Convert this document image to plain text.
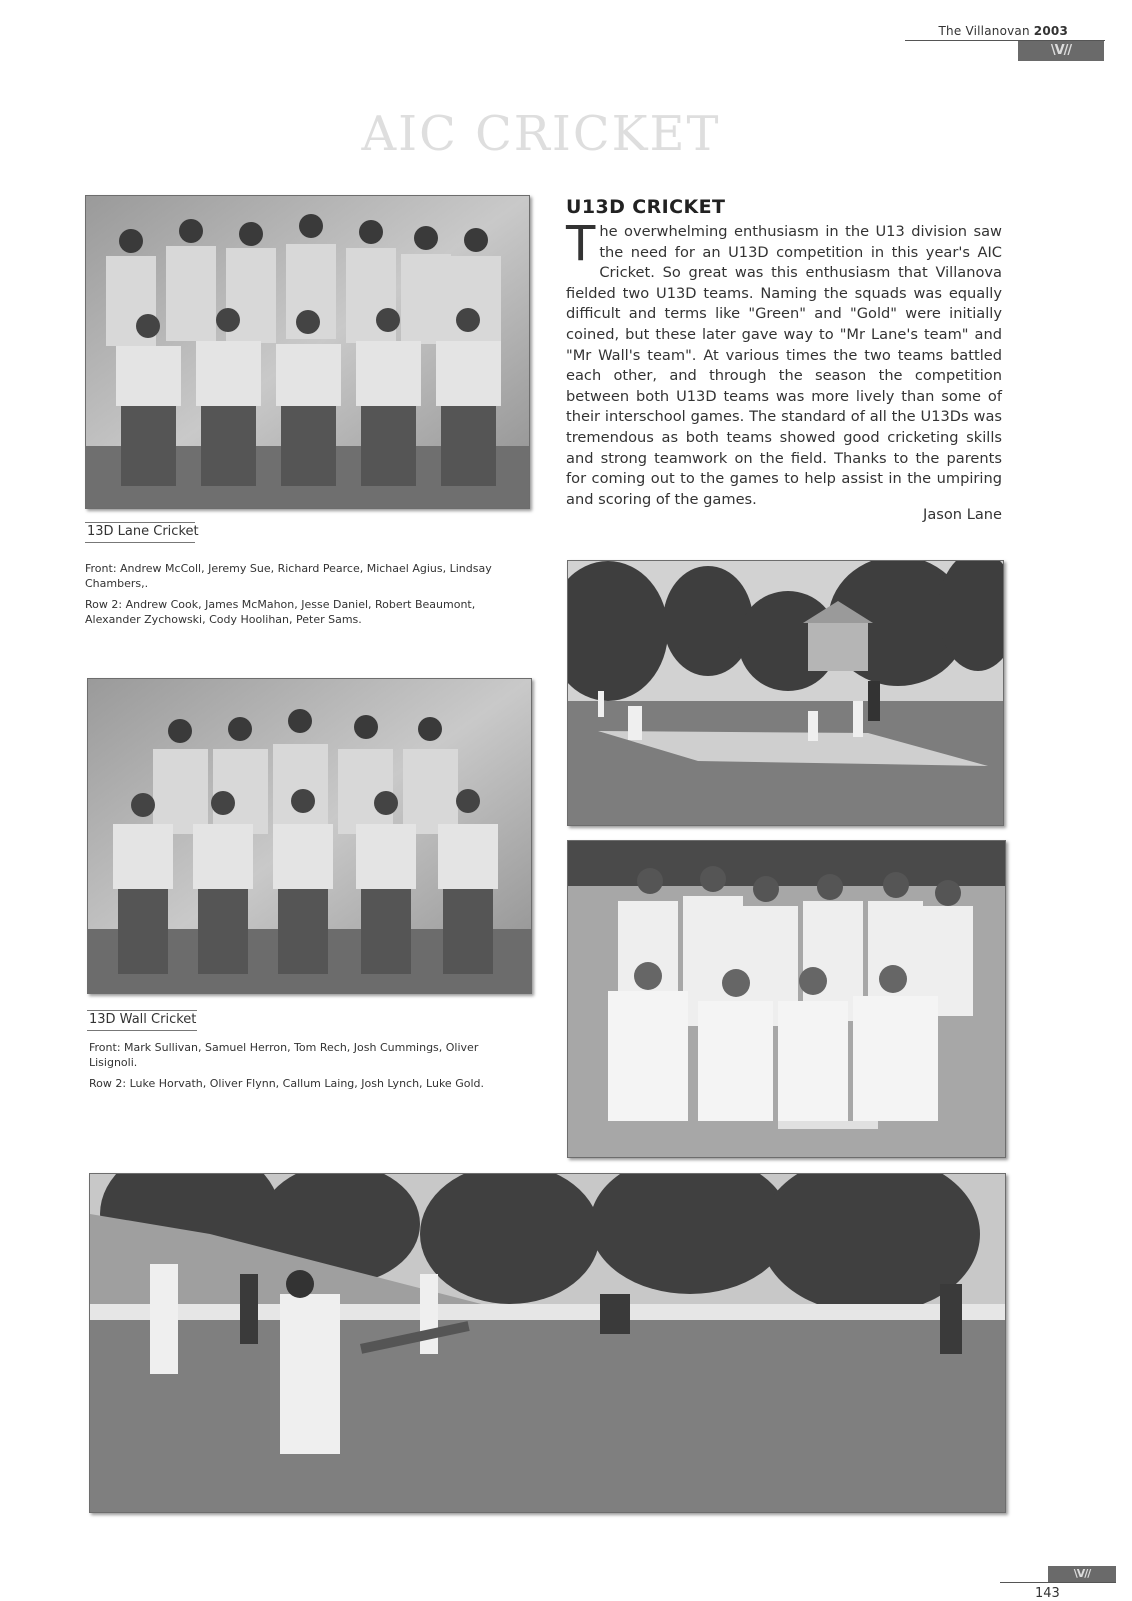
The Villanovan 2003
\V//
AIC CRICKET
13D Lane Cricket
Front: Andrew McColl, Jeremy Sue, Richard Pearce, Michael Agius, Lindsay Chambers,.
Row 2: Andrew Cook, James McMahon, Jesse Daniel, Robert Beaumont, Alexander Zychowski, Cody Hoolihan, Peter Sams.
13D Wall Cricket
Front: Mark Sullivan, Samuel Herron, Tom Rech, Josh Cummings, Oliver Lisignoli.
Row 2: Luke Horvath, Oliver Flynn, Callum Laing, Josh Lynch, Luke Gold.
U13D CRICKET
The overwhelming enthusiasm in the U13 division saw the need for an U13D competition in this year's AIC Cricket. So great was this enthusiasm that Villanova fielded two U13D teams. Naming the squads was equally difficult and terms like "Green" and "Gold" were initially coined, but these later gave way to "Mr Lane's team" and "Mr Wall's team". At various times the two teams battled each other, and through the season the competition between both U13D teams was more lively than some of their interschool games. The standard of all the U13Ds was tremendous as both teams showed good cricketing skills and strong teamwork on the field. Thanks to the parents for coming out to the games to help assist in the umpiring and scoring of the games.
Jason Lane
\V//
143
